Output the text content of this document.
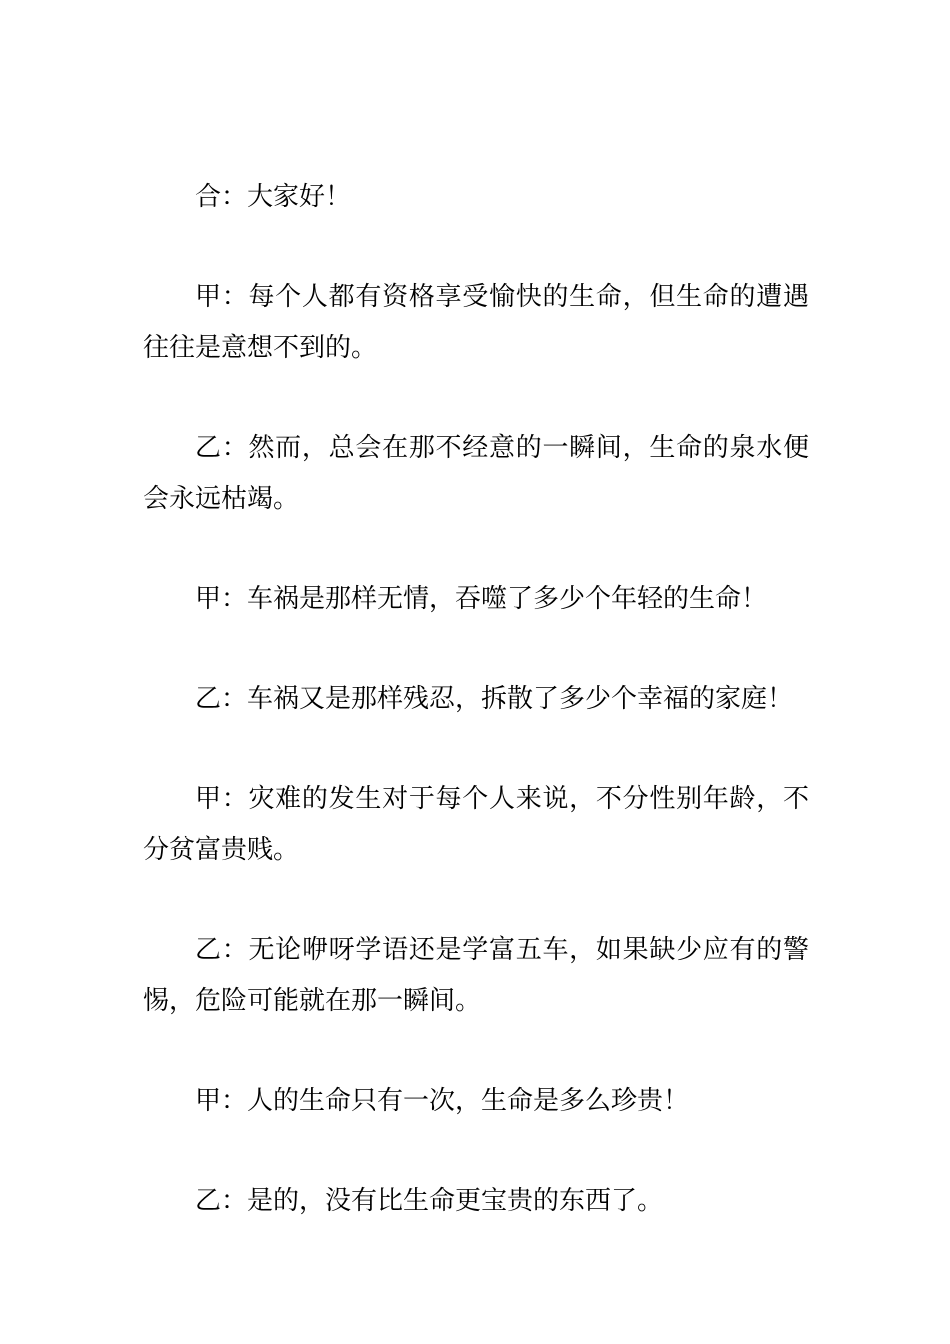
合：大家好！

甲：每个人都有资格享受愉快的生命，但生命的遭遇往往是意想不到的。

乙：然而，总会在那不经意的一瞬间，生命的泉水便会永远枯竭。

甲：车祸是那样无情，吞噬了多少个年轻的生命！

乙：车祸又是那样残忍，拆散了多少个幸福的家庭！

甲：灾难的发生对于每个人来说，不分性别年龄，不分贫富贵贱。

乙：无论咿呀学语还是学富五车，如果缺少应有的警惕，危险可能就在那一瞬间。

甲：人的生命只有一次，生命是多么珍贵！

乙：是的，没有比生命更宝贵的东西了。
